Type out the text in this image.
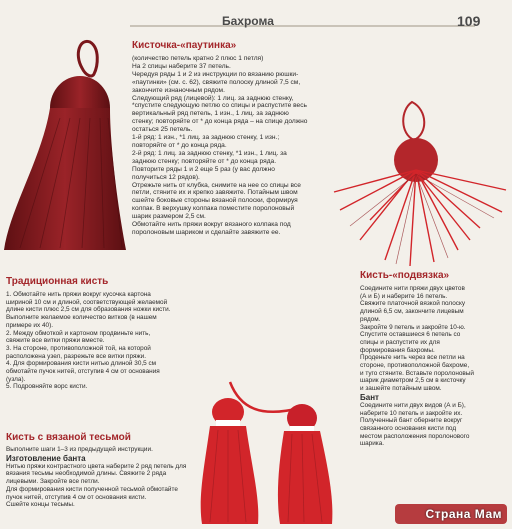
Бахрома	109
Кисточка-«паутинка»
(количество петель кратно 2 плюс 1 петля)
На 2 спицы наберите 37 петель.
Чередуя ряды 1 и 2 из инструкции по вязанию рюшки-
«паутинки» (см. с. 62), свяжите полоску длиной 7,5 см,
закончите изнаночным рядом.
Следующий ряд (лицевой): 1 лиц. за заднюю стенку,
*спустите следующую петлю со спицы и распустите весь
вертикальный ряд петель, 1 изн., 1 лиц. за заднюю
стенку; повторяйте от * до конца ряда – на спице должно
остаться 25 петель.
1-й ряд: 1 изн., *1 лиц. за заднюю стенку, 1 изн.;
повторяйте от * до конца ряда.
2-й ряд: 1 лиц. за заднюю стенку, *1 изн., 1 лиц. за
заднюю стенку; повторяйте от * до конца ряда.
Повторите ряды 1 и 2 еще 5 раз (у вас должно
получиться 12 рядов).
Отрежьте нить от клубка, снимите на нее со спицы все
петли, стяните их и крепко завяжите. Потайным швом
сшейте боковые стороны вязаной полоски, формируя
колпак. В верхушку колпака поместите поролоновый
шарик размером 2,5 см.
Обмотайте нить пряжи вокруг вязаного колпака под
поролоновым шариком и сделайте завяжите ее.
Традиционная кисть
1. Обмотайте нить пряжи вокруг кусочка картона
шириной 10 см и длиной, соответствующей желаемой
длине кисти плюс 2,5 см для образования ножки кисти.
Выполните желаемое количество витков (в нашем
примере их 40).
2. Между обмоткой и картоном продвиньте нить,
свяжите все витки пряжи вместе.
3. На стороне, противоположной той, на которой
расположена узел, разрежьте все витки пряжи.
4. Для формирования кисти нитью длиной 30,5 см
обмотайте пучок нитей, отступив 4 см от основания
(узла).
5. Подровняйте ворс кисти.
Кисть с вязаной тесьмой
Выполните шаги 1–3 из предыдущей инструкции.
Изготовление банта
Нитью пряжи контрастного цвета наберите 2 ряд петель для
вязания тесьмы необходимой длины. Свяжите 2 ряда
лицевыми. Закройте все петли.
Для формирования кисти полученной тесьмой обмотайте
пучок нитей, отступив 4 см от основания кисти.
Сшейте концы тесьмы.
Кисть-«подвязка»
Соедините нити пряжи двух цветов
(А и Б) и наберите 16 петель.
Свяжите платочной вязкой полоску
длиной 6,5 см, закончите лицевым
рядом.
Закройте 9 петель и закройте 10-ю.
Спустите оставшиеся 6 петель со
спицы и распустите их для
формирования бахромы.
Проденьте нить через все петли на
стороне, противоположной бахроме,
и туго стяните. Вставьте поролоновый
шарик диаметром 2,5 см в кисточку
и зашейте потайным швом.
Бант
Соедините нити двух видов (А и Б),
наберите 10 петель и закройте их.
Полученный бант оберните вокруг
связанного основания кисти под
местом расположения поролонового
шарика.
Страна Мам
